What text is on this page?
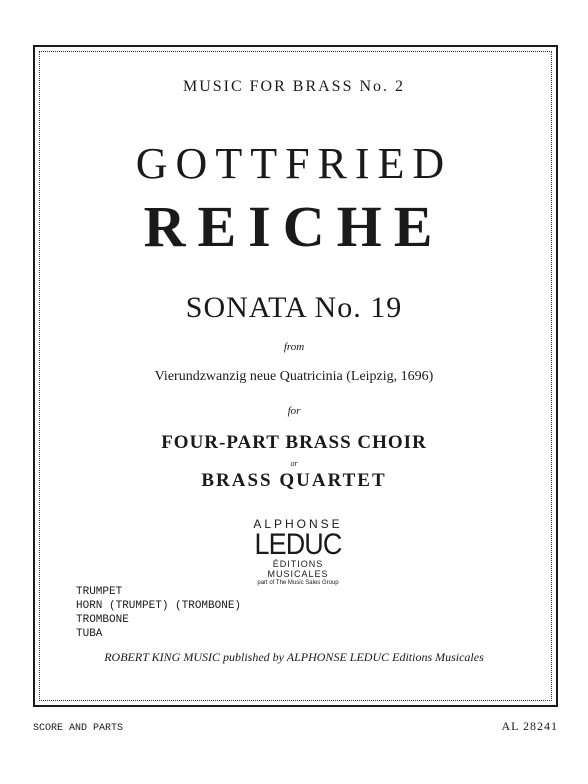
MUSIC FOR BRASS No. 2
GOTTFRIED
REICHE
SONATA No. 19
from
Vierundzwanzig neue Quatricinia (Leipzig, 1696)
for
FOUR-PART BRASS CHOIR
or
BRASS QUARTET
ALPHONSE
LEDUC
ÉDITIONS MUSICALES
part of The Music Sales Group
TRUMPET
HORN (TRUMPET) (TROMBONE)
TROMBONE
TUBA
ROBERT KING MUSIC published by ALPHONSE LEDUC Editions Musicales
SCORE AND PARTS	AL 28241
